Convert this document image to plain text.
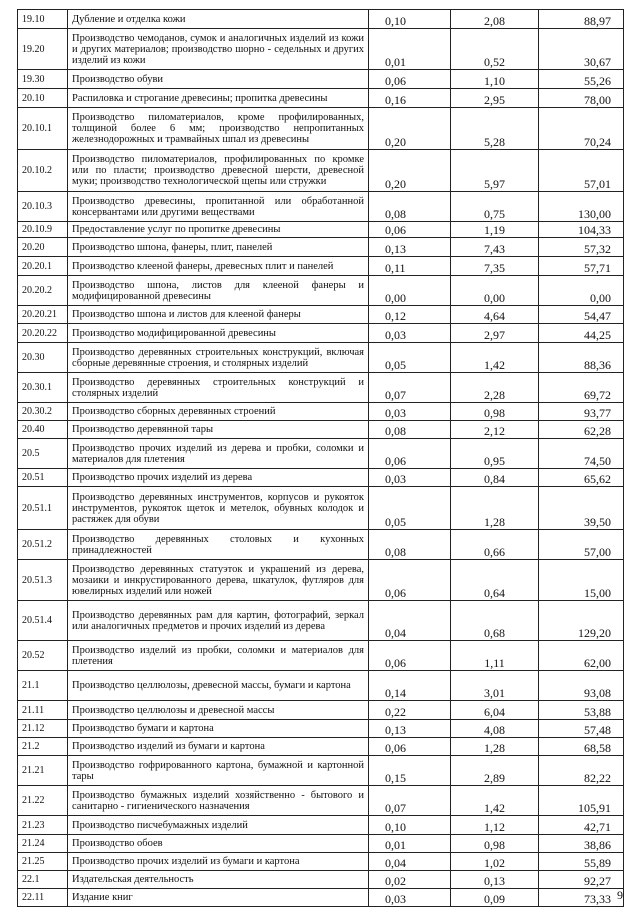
19.10	Дубление и отделка кожи	0,10	2,08	88,97
19.20	Производство чемоданов, сумок и аналогичных изделий из кожи и других материалов; производство шорно - седельных и других изделий из кожи	0,01	0,52	30,67
19.30	Производство обуви	0,06	1,10	55,26
20.10	Распиловка и строгание древесины; пропитка древесины	0,16	2,95	78,00
20.10.1	Производство пиломатериалов, кроме профилированных, толщиной более 6 мм; производство непропитанных железнодорожных и трамвайных шпал из древесины	0,20	5,28	70,24
20.10.2	Производство пиломатериалов, профилированных по кромке или по пласти; производство древесной шерсти, древесной муки; производство технологической щепы или стружки	0,20	5,97	57,01
20.10.3	Производство древесины, пропитанной или обработанной консервантами или другими веществами	0,08	0,75	130,00
20.10.9	Предоставление услуг по пропитке древесины	0,06	1,19	104,33
20.20	Производство шпона, фанеры, плит, панелей	0,13	7,43	57,32
20.20.1	Производство клееной фанеры, древесных плит и панелей	0,11	7,35	57,71
20.20.2	Производство шпона, листов для клееной фанеры и модифицированной древесины	0,00	0,00	0,00
20.20.21	Производство шпона и листов для клееной фанеры	0,12	4,64	54,47
20.20.22	Производство модифицированной древесины	0,03	2,97	44,25
20.30	Производство деревянных строительных конструкций, включая сборные деревянные строения, и столярных изделий	0,05	1,42	88,36
20.30.1	Производство деревянных строительных конструкций и столярных изделий	0,07	2,28	69,72
20.30.2	Производство сборных деревянных строений	0,03	0,98	93,77
20.40	Производство деревянной тары	0,08	2,12	62,28
20.5	Производство прочих изделий из дерева и пробки, соломки и материалов для плетения	0,06	0,95	74,50
20.51	Производство прочих изделий из дерева	0,03	0,84	65,62
20.51.1	Производство деревянных инструментов, корпусов и рукояток инструментов, рукояток щеток и метелок, обувных колодок и растяжек для обуви	0,05	1,28	39,50
20.51.2	Производство деревянных столовых и кухонных принадлежностей	0,08	0,66	57,00
20.51.3	Производство деревянных статуэток и украшений из дерева, мозаики и инкрустированного дерева, шкатулок, футляров для ювелирных изделий или ножей	0,06	0,64	15,00
20.51.4	Производство деревянных рам для картин, фотографий, зеркал или аналогичных предметов и прочих изделий из дерева	0,04	0,68	129,20
20.52	Производство изделий из пробки, соломки и материалов для плетения	0,06	1,11	62,00
21.1	Производство целлюлозы, древесной массы, бумаги и картона	0,14	3,01	93,08
21.11	Производство целлюлозы и древесной массы	0,22	6,04	53,88
21.12	Производство бумаги и картона	0,13	4,08	57,48
21.2	Производство изделий из бумаги и картона	0,06	1,28	68,58
21.21	Производство гофрированного картона, бумажной и картонной тары	0,15	2,89	82,22
21.22	Производство бумажных изделий хозяйственно - бытового и санитарно - гигиенического назначения	0,07	1,42	105,91
21.23	Производство писчебумажных изделий	0,10	1,12	42,71
21.24	Производство обоев	0,01	0,98	38,86
21.25	Производство прочих изделий из бумаги и картона	0,04	1,02	55,89
22.1	Издательская деятельность	0,02	0,13	92,27
22.11	Издание книг	0,03	0,09	73,33 9
